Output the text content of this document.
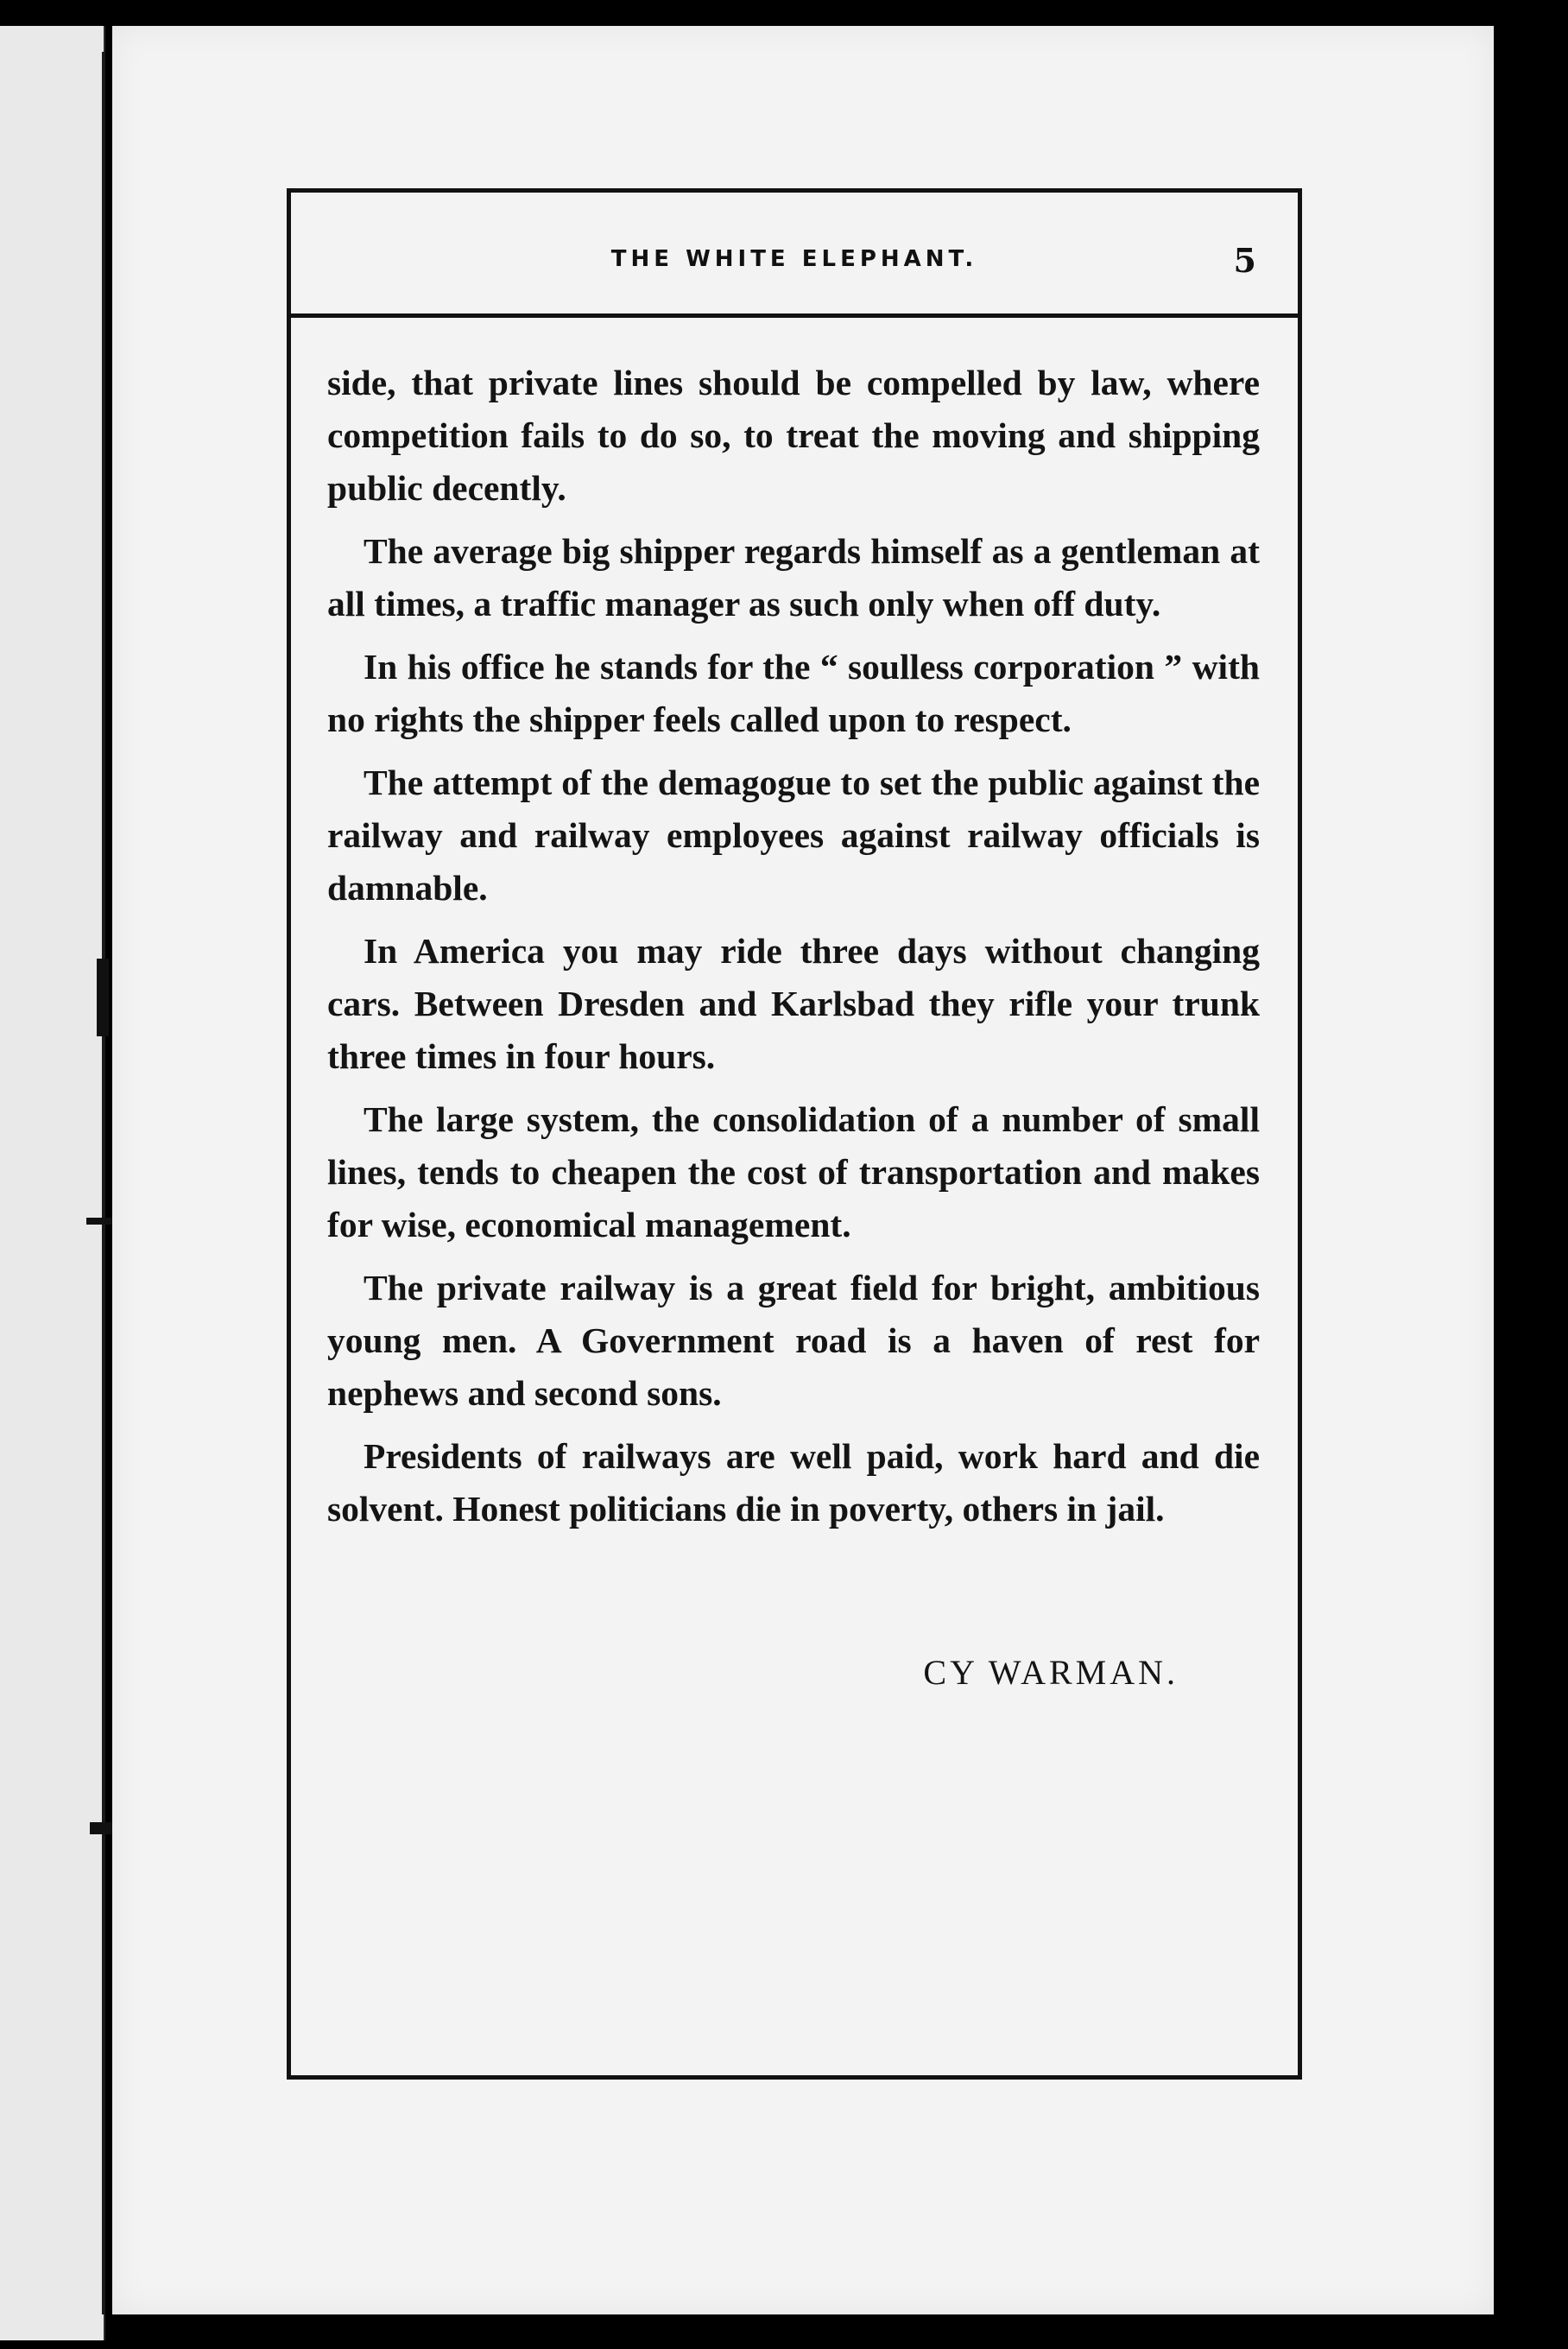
THE WHITE ELEPHANT.	5

side, that private lines should be compelled by law, where competition fails to do so, to treat the moving and shipping public decently.

The average big shipper regards himself as a gentleman at all times, a traffic manager as such only when off duty.

In his office he stands for the “ soulless corporation ” with no rights the shipper feels called upon to respect.

The attempt of the demagogue to set the public against the railway and railway employees against railway officials is damnable.

In America you may ride three days without changing cars. Between Dresden and Karlsbad they rifle your trunk three times in four hours.

The large system, the consolidation of a number of small lines, tends to cheapen the cost of transportation and makes for wise, economical management.

The private railway is a great field for bright, ambitious young men. A Government road is a haven of rest for nephews and second sons.

Presidents of railways are well paid, work hard and die solvent. Honest politicians die in poverty, others in jail.

CY WARMAN.
